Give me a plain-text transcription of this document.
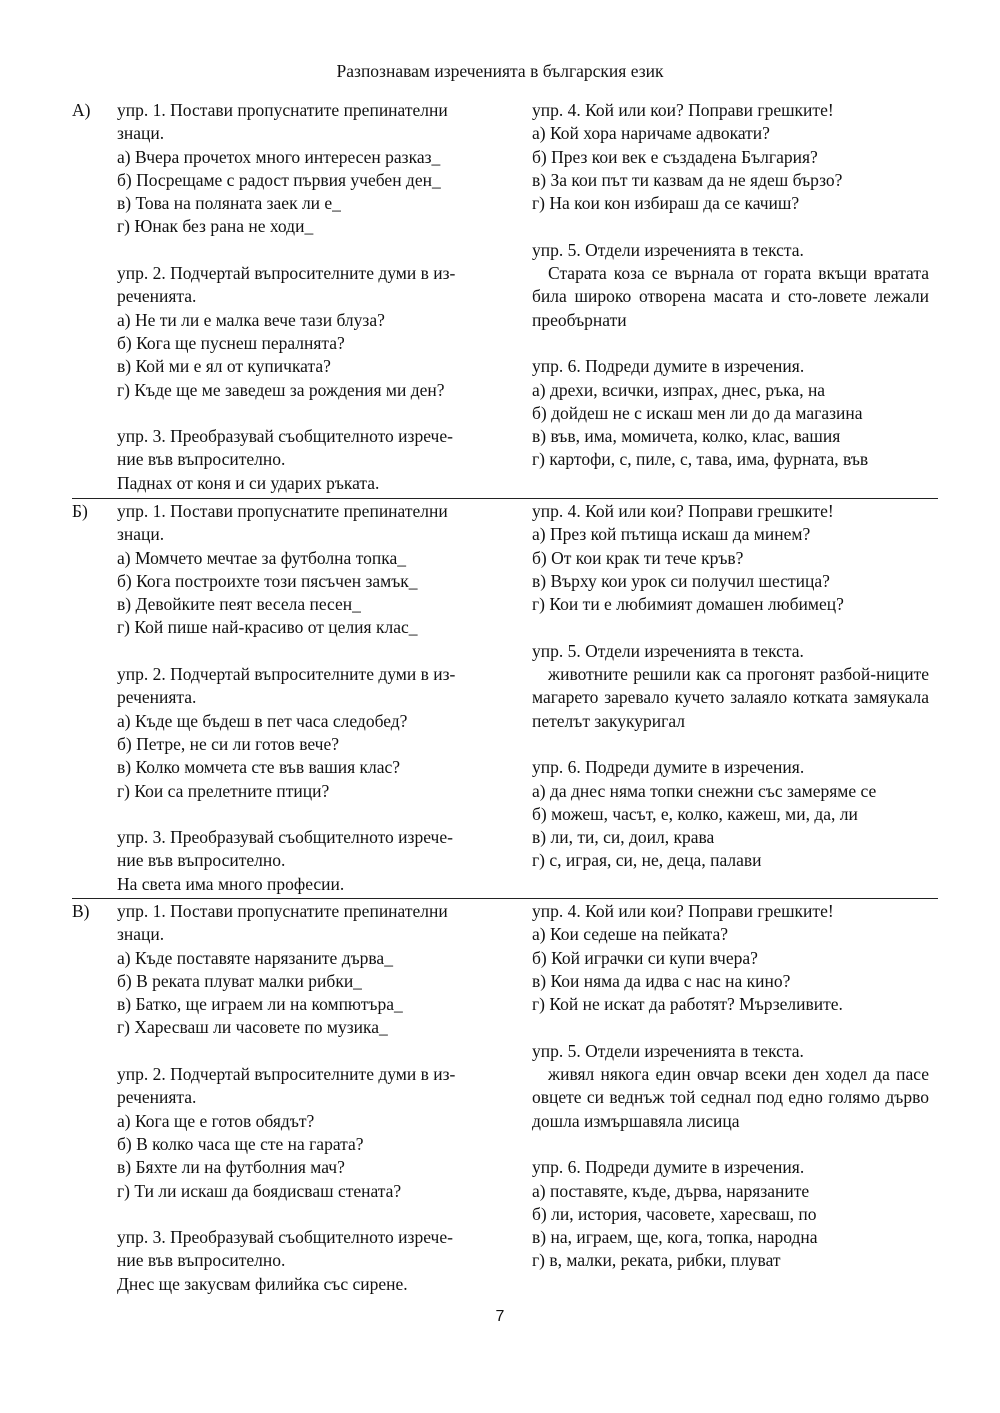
Разпознавам изреченията в българския език
А)	упр. 1. Постави пропуснатите препинателни
знаци.
а) Вчера прочетох много интересен разказ_
б) Посрещаме с радост първия учебен ден_
в) Това на поляната заек ли е_
г) Юнак без рана не ходи_
упр. 2. Подчертай въпросителните думи в из-
реченията.
а) Не ти ли е малка вече тази блуза?
б) Кога ще пуснеш пералнята?
в) Кой ми е ял от купичката?
г) Къде ще ме заведеш за рождения ми ден?
упр. 3. Преобразувай съобщителното изрече-
ние във въпросително.
Паднах от коня и си ударих ръката.
упр. 4. Кой или кои? Поправи грешките!
а) Кой хора наричаме адвокати?
б) През кои век е създадена България?
в) За кои път ти казвам да не ядеш бързо?
г) На кои кон избираш да се качиш?
упр. 5. Отдели изреченията в текста.
Старата коза се върнала от гората вкъщи вратата била широко отворена масата и сто-ловете лежали преобърнати
упр. 6. Подреди думите в изречения.
а) дрехи, всички, изпрах, днес, ръка, на
б) дойдеш не с искаш мен ли до да магазина
в) във, има, момичета, колко, клас, вашия
г) картофи, с, пиле, с, тава, има, фурната, във
Б)	упр. 1. Постави пропуснатите препинателни
знаци.
а) Момчето мечтае за футболна топка_
б) Кога построихте този пясъчен замък_
в) Девойките пеят весела песен_
г) Кой пише най-красиво от целия клас_
упр. 2. Подчертай въпросителните думи в из-
реченията.
а) Къде ще бъдеш в пет часа следобед?
б) Петре, не си ли готов вече?
в) Колко момчета сте във вашия клас?
г) Кои са прелетните птици?
упр. 3. Преобразувай съобщителното изрече-
ние във въпросително.
На света има много професии.
упр. 4. Кой или кои? Поправи грешките!
а) През кой пътища искаш да минем?
б) От кои крак ти тече кръв?
в) Върху кои урок си получил шестица?
г) Кои ти е любимият домашен любимец?
упр. 5. Отдели изреченията в текста.
животните решили как са прогонят разбой-ниците магарето заревало кучето залаяло котката замяукала петелът закукуригал
упр. 6. Подреди думите в изречения.
а) да днес няма топки снежни със замеряме се
б) можеш, часът, е, колко, кажеш, ми, да, ли
в) ли, ти, си, доил, крава
г) с, играя, си, не, деца, палави
В)	упр. 1. Постави пропуснатите препинателни
знаци.
а) Къде поставяте нарязаните дърва_
б) В реката плуват малки рибки_
в) Батко, ще играем ли на компютъра_
г) Харесваш ли часовете по музика_
упр. 2. Подчертай въпросителните думи в из-
реченията.
а) Кога ще е готов обядът?
б) В колко часа ще сте на гарата?
в) Бяхте ли на футболния мач?
г) Ти ли искаш да боядисваш стената?
упр. 3. Преобразувай съобщителното изрече-
ние във въпросително.
Днес ще закусвам филийка със сирене.
упр. 4. Кой или кои? Поправи грешките!
а) Кои седеше на пейката?
б) Кой играчки си купи вчера?
в) Кои няма да идва с нас на кино?
г) Кой не искат да работят? Мързеливите.
упр. 5. Отдели изреченията в текста.
живял някога един овчар всеки ден ходел да пасе овцете си веднъж той седнал под едно голямо дърво дошла измършавяла лисица
упр. 6. Подреди думите в изречения.
а) поставяте, къде, дърва, нарязаните
б) ли, история, часовете, харесваш, по
в) на, играем, ще, кога, топка, народна
г) в, малки, реката, рибки, плуват
7
